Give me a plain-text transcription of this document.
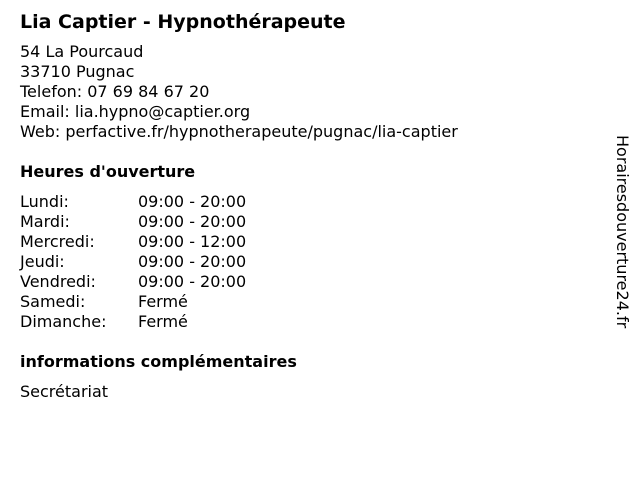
Lia Captier - Hypnothérapeute
54 La Pourcaud
33710 Pugnac
Telefon: 07 69 84 67 20
Email: lia.hypno@captier.org
Web: perfactive.fr/hypnotherapeute/pugnac/lia-captier
Heures d'ouverture
Lundi:	09:00 - 20:00
Mardi:	09:00 - 20:00
Mercredi:	09:00 - 12:00
Jeudi:	09:00 - 20:00
Vendredi:	09:00 - 20:00
Samedi:	Fermé
Dimanche:	Fermé
informations complémentaires
Secrétariat
Horairesdouverture24.fr
